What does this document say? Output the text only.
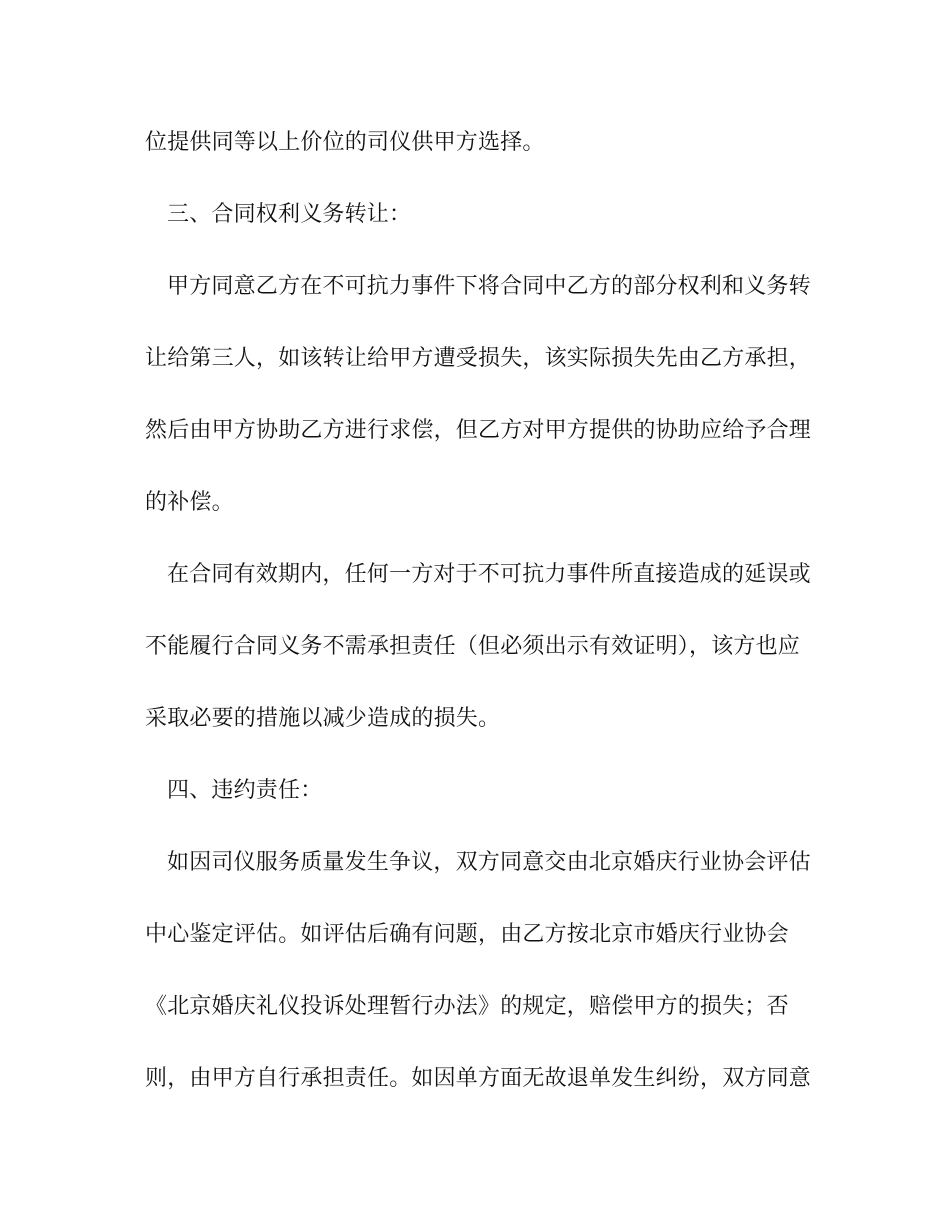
位提供同等以上价位的司仪供甲方选择。
三、合同权利义务转让：
甲方同意乙方在不可抗力事件下将合同中乙方的部分权利和义务转
让给第三人，如该转让给甲方遭受损失，该实际损失先由乙方承担，
然后由甲方协助乙方进行求偿，但乙方对甲方提供的协助应给予合理
的补偿。
在合同有效期内，任何一方对于不可抗力事件所直接造成的延误或
不能履行合同义务不需承担责任（但必须出示有效证明），该方也应
采取必要的措施以减少造成的损失。
四、违约责任：
如因司仪服务质量发生争议，双方同意交由北京婚庆行业协会评估
中心鉴定评估。如评估后确有问题，由乙方按北京市婚庆行业协会
《北京婚庆礼仪投诉处理暂行办法》的规定，赔偿甲方的损失；否
则，由甲方自行承担责任。如因单方面无故退单发生纠纷，双方同意
